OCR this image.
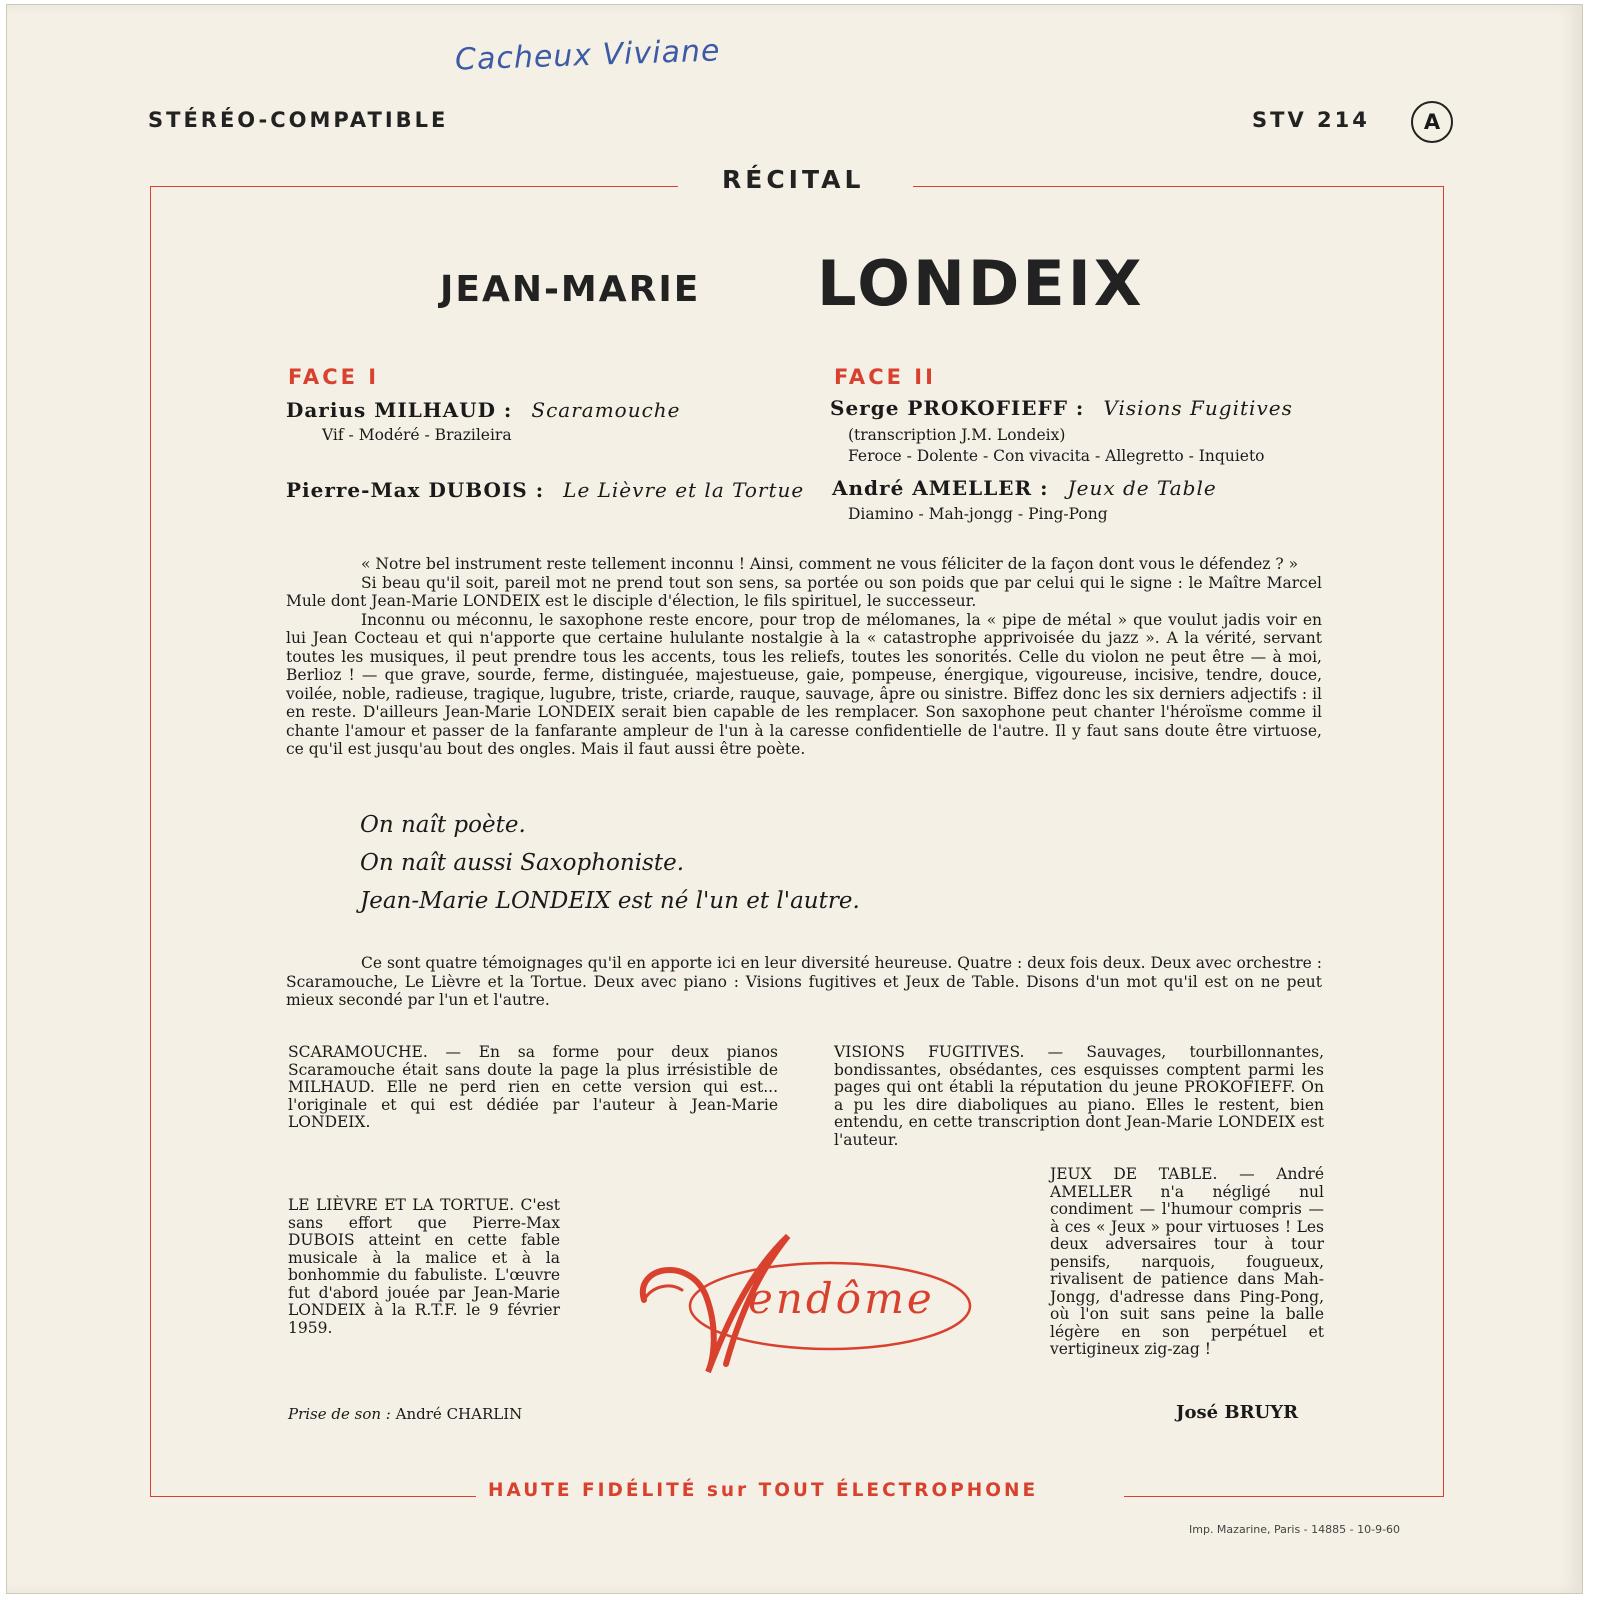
Cacheux Viviane
STÉRÉO-COMPATIBLE	STV 214	A
RÉCITAL
JEAN-MARIE LONDEIX
FACE I
Darius MILHAUD : Scaramouche
Vif - Modéré - Brazileira
Pierre-Max DUBOIS : Le Lièvre et la Tortue
FACE II
Serge PROKOFIEFF : Visions Fugitives
(transcription J.M. Londeix)
Feroce - Dolente - Con vivacita - Allegretto - Inquieto
André AMELLER : Jeux de Table
Diamino - Mah-jongg - Ping-Pong

« Notre bel instrument reste tellement inconnu ! Ainsi, comment ne vous féliciter de la façon dont vous le défendez ? »

Si beau qu'il soit, pareil mot ne prend tout son sens, sa portée ou son poids que par celui qui le signe : le Maître Marcel Mule dont Jean-Marie LONDEIX est le disciple d'élection, le fils spirituel, le successeur.

Inconnu ou méconnu, le saxophone reste encore, pour trop de mélomanes, la « pipe de métal » que voulut jadis voir en lui Jean Cocteau et qui n'apporte que certaine hululante nostalgie à la « catastrophe apprivoisée du jazz ». A la vérité, servant toutes les musiques, il peut prendre tous les accents, tous les reliefs, toutes les sonorités. Celle du violon ne peut être — à moi, Berlioz ! — que grave, sourde, ferme, distinguée, majestueuse, gaie, pompeuse, énergique, vigoureuse, incisive, tendre, douce, voilée, noble, radieuse, tragique, lugubre, triste, criarde, rauque, sauvage, âpre ou sinistre. Biffez donc les six derniers adjectifs : il en reste. D'ailleurs Jean-Marie LONDEIX serait bien capable de les remplacer. Son saxophone peut chanter l'héroïsme comme il chante l'amour et passer de la fanfarante ampleur de l'un à la caresse confidentielle de l'autre. Il y faut sans doute être virtuose, ce qu'il est jusqu'au bout des ongles. Mais il faut aussi être poète.

On naît poète.
On naît aussi Saxophoniste.
Jean-Marie LONDEIX est né l'un et l'autre.

Ce sont quatre témoignages qu'il en apporte ici en leur diversité heureuse. Quatre : deux fois deux. Deux avec orchestre : Scaramouche, Le Lièvre et la Tortue. Deux avec piano : Visions fugitives et Jeux de Table. Disons d'un mot qu'il est on ne peut mieux secondé par l'un et l'autre.

SCARAMOUCHE. — En sa forme pour deux pianos Scaramouche était sans doute la page la plus irrésistible de MILHAUD. Elle ne perd rien en cette version qui est... l'originale et qui est dédiée par l'auteur à Jean-Marie LONDEIX.
VISIONS FUGITIVES. — Sauvages, tourbillonnantes, bondissantes, obsédantes, ces esquisses comptent parmi les pages qui ont établi la réputation du jeune PROKOFIEFF. On a pu les dire diaboliques au piano. Elles le restent, bien entendu, en cette transcription dont Jean-Marie LONDEIX est l'auteur.
JEUX DE TABLE. — André AMELLER n'a négligé nul condiment — l'humour compris — à ces « Jeux » pour virtuoses ! Les deux adversaires tour à tour pensifs, narquois, fougueux, rivalisent de patience dans Mah-Jongg, d'adresse dans Ping-Pong, où l'on suit sans peine la balle légère en son perpétuel et vertigineux zig-zag !
LE LIÈVRE ET LA TORTUE. C'est sans effort que Pierre-Max DUBOIS atteint en cette fable musicale à la malice et à la bonhommie du fabuliste. L'œuvre fut d'abord jouée par Jean-Marie LONDEIX à la R.T.F. le 9 février 1959.
endôme
Prise de son : André CHARLIN	José BRUYR
HAUTE FIDÉLITÉ sur TOUT ÉLECTROPHONE
Imp. Mazarine, Paris - 14885 - 10-9-60
